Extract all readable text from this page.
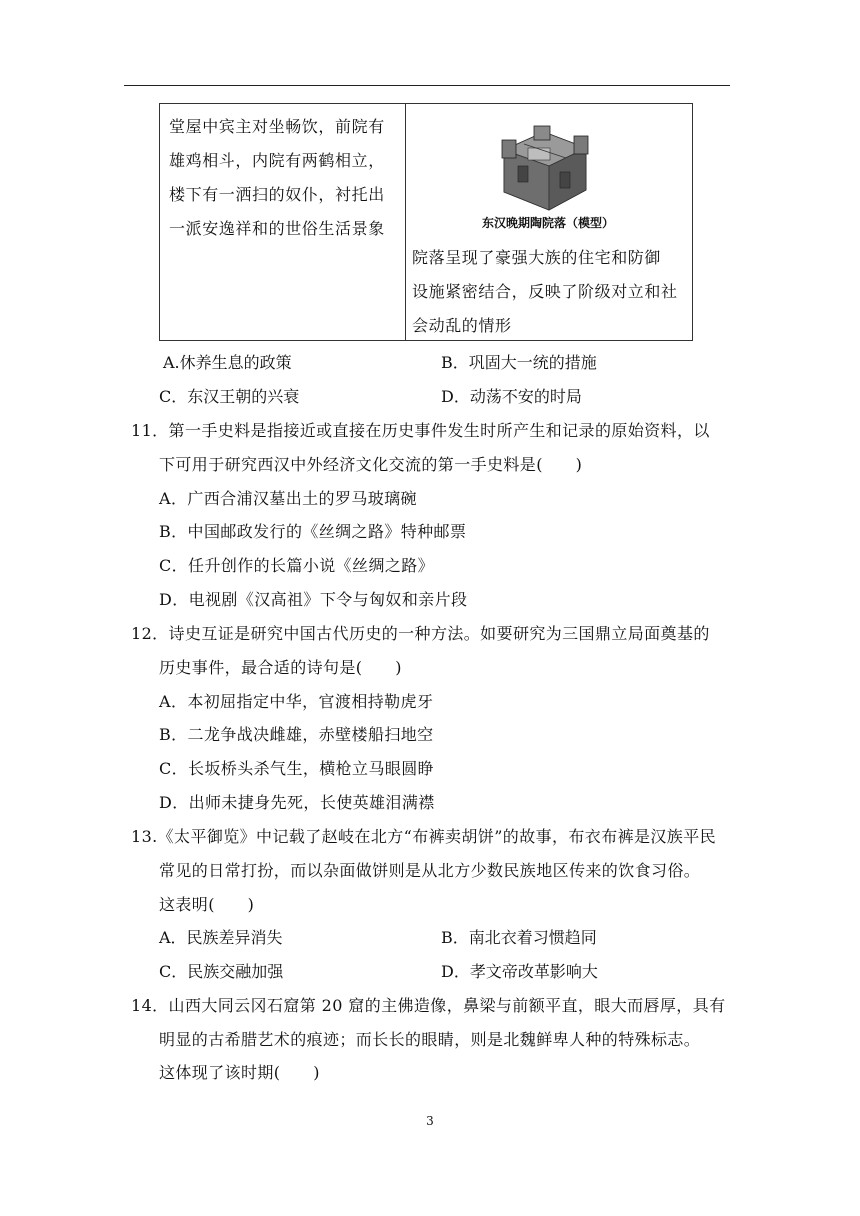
堂屋中宾主对坐畅饮，前院有
雄鸡相斗，内院有两鹤相立，
楼下有一洒扫的奴仆，衬托出
一派安逸祥和的世俗生活景象	东汉晚期陶院落（模型）
院落呈现了豪强大族的住宅和防御
设施紧密结合，反映了阶级对立和社
会动乱的情形
A.休养生息的政策	B．巩固大一统的措施
C．东汉王朝的兴衰	D．动荡不安的时局
11．第一手史料是指接近或直接在历史事件发生时所产生和记录的原始资料，以
下可用于研究西汉中外经济文化交流的第一手史料是(　　)
A．广西合浦汉墓出土的罗马玻璃碗
B．中国邮政发行的《丝绸之路》特种邮票
C．任升创作的长篇小说《丝绸之路》
D．电视剧《汉高祖》下令与匈奴和亲片段
12．诗史互证是研究中国古代历史的一种方法。如要研究为三国鼎立局面奠基的
历史事件，最合适的诗句是(　　)
A．本初屈指定中华，官渡相持勒虎牙
B．二龙争战决雌雄，赤壁楼船扫地空
C．长坂桥头杀气生，横枪立马眼圆睁
D．出师未捷身先死，长使英雄泪满襟
13.《太平御览》中记载了赵岐在北方“布裤卖胡饼”的故事，布衣布裤是汉族平民
常见的日常打扮，而以杂面做饼则是从北方少数民族地区传来的饮食习俗。
这表明(　　)
A．民族差异消失	B．南北衣着习惯趋同
C．民族交融加强	D．孝文帝改革影响大
14．山西大同云冈石窟第 20 窟的主佛造像，鼻梁与前额平直，眼大而唇厚，具有
明显的古希腊艺术的痕迹；而长长的眼睛，则是北魏鲜卑人种的特殊标志。
这体现了该时期(　　)
3
